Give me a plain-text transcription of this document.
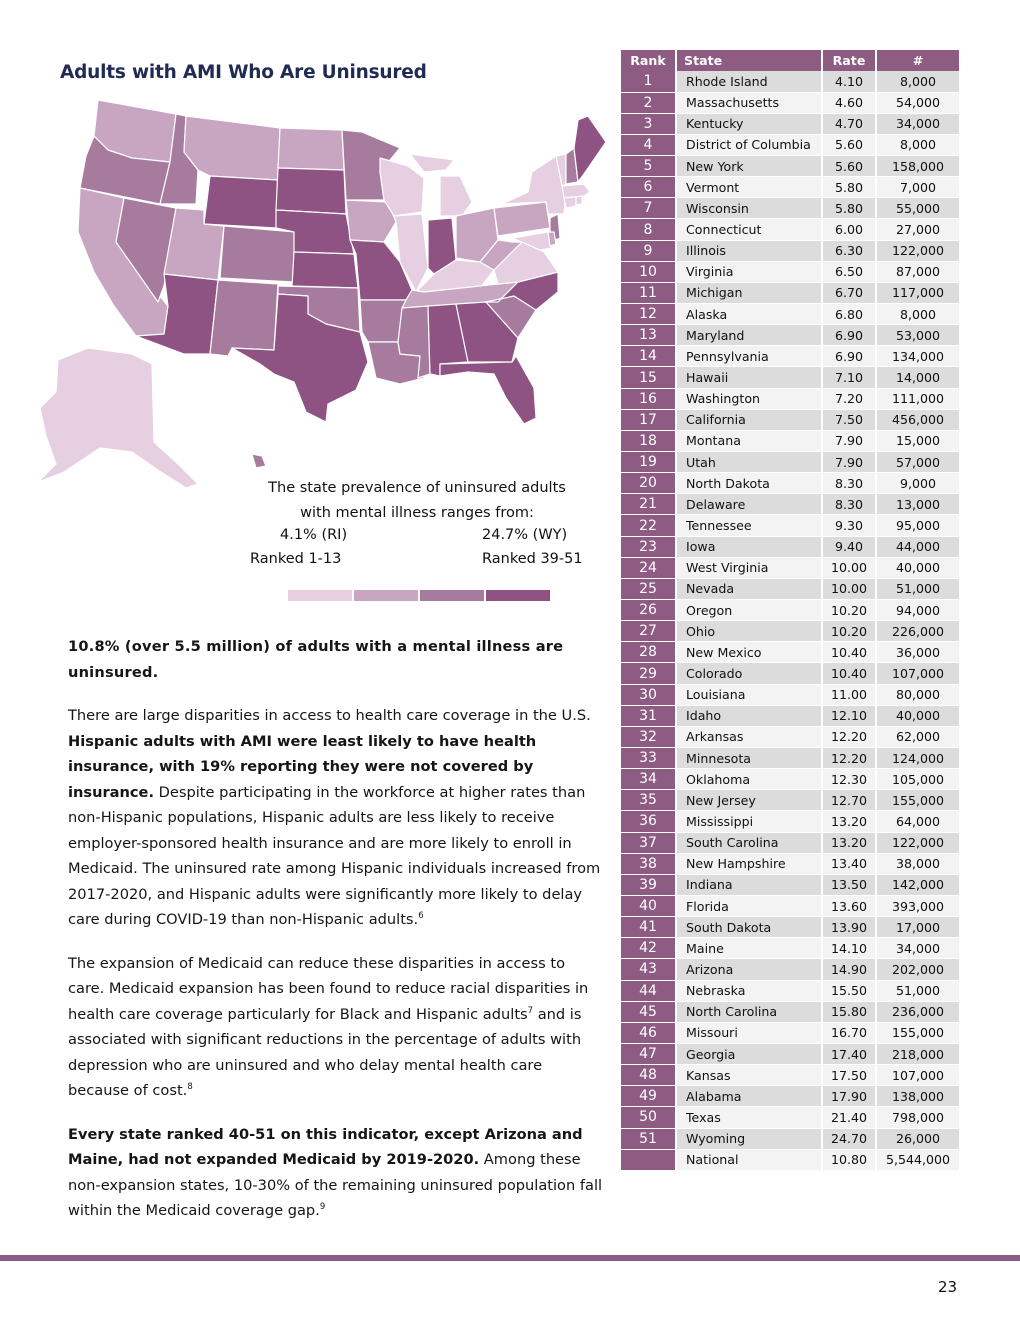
Adults with AMI Who Are Uninsured
The state prevalence of uninsured adults
with mental illness ranges from:
4.1% (RI)	24.7% (WY)
Ranked 1-13	Ranked 39-51

10.8% (over 5.5 million) of adults with a mental illness are uninsured.

There are large disparities in access to health care coverage in the U.S. Hispanic adults with AMI were least likely to have health insurance, with 19% reporting they were not covered by insurance. Despite participating in the workforce at higher rates than non-Hispanic populations, Hispanic adults are less likely to receive employer-sponsored health insurance and are more likely to enroll in Medicaid. The uninsured rate among Hispanic individuals increased from 2017-2020, and Hispanic adults were significantly more likely to delay care during COVID-19 than non-Hispanic adults.$^6$

The expansion of Medicaid can reduce these disparities in access to care. Medicaid expansion has been found to reduce racial disparities in health care coverage particularly for Black and Hispanic adults$^7$ and is associated with significant reductions in the percentage of adults with depression who are uninsured and who delay mental health care because of cost.$^8$

Every state ranked 40-51 on this indicator, except Arizona and Maine, had not expanded Medicaid by 2019-2020. Among these non-expansion states, 10-30% of the remaining uninsured population fall within the Medicaid coverage gap.$^9$

Rank	State	Rate	#
1	Rhode Island	4.10	8,000
2	Massachusetts	4.60	54,000
3	Kentucky	4.70	34,000
4	District of Columbia	5.60	8,000
5	New York	5.60	158,000
6	Vermont	5.80	7,000
7	Wisconsin	5.80	55,000
8	Connecticut	6.00	27,000
9	Illinois	6.30	122,000
10	Virginia	6.50	87,000
11	Michigan	6.70	117,000
12	Alaska	6.80	8,000
13	Maryland	6.90	53,000
14	Pennsylvania	6.90	134,000
15	Hawaii	7.10	14,000
16	Washington	7.20	111,000
17	California	7.50	456,000
18	Montana	7.90	15,000
19	Utah	7.90	57,000
20	North Dakota	8.30	9,000
21	Delaware	8.30	13,000
22	Tennessee	9.30	95,000
23	Iowa	9.40	44,000
24	West Virginia	10.00	40,000
25	Nevada	10.00	51,000
26	Oregon	10.20	94,000
27	Ohio	10.20	226,000
28	New Mexico	10.40	36,000
29	Colorado	10.40	107,000
30	Louisiana	11.00	80,000
31	Idaho	12.10	40,000
32	Arkansas	12.20	62,000
33	Minnesota	12.20	124,000
34	Oklahoma	12.30	105,000
35	New Jersey	12.70	155,000
36	Mississippi	13.20	64,000
37	South Carolina	13.20	122,000
38	New Hampshire	13.40	38,000
39	Indiana	13.50	142,000
40	Florida	13.60	393,000
41	South Dakota	13.90	17,000
42	Maine	14.10	34,000
43	Arizona	14.90	202,000
44	Nebraska	15.50	51,000
45	North Carolina	15.80	236,000
46	Missouri	16.70	155,000
47	Georgia	17.40	218,000
48	Kansas	17.50	107,000
49	Alabama	17.90	138,000
50	Texas	21.40	798,000
51	Wyoming	24.70	26,000
	National	10.80	5,544,000
23
